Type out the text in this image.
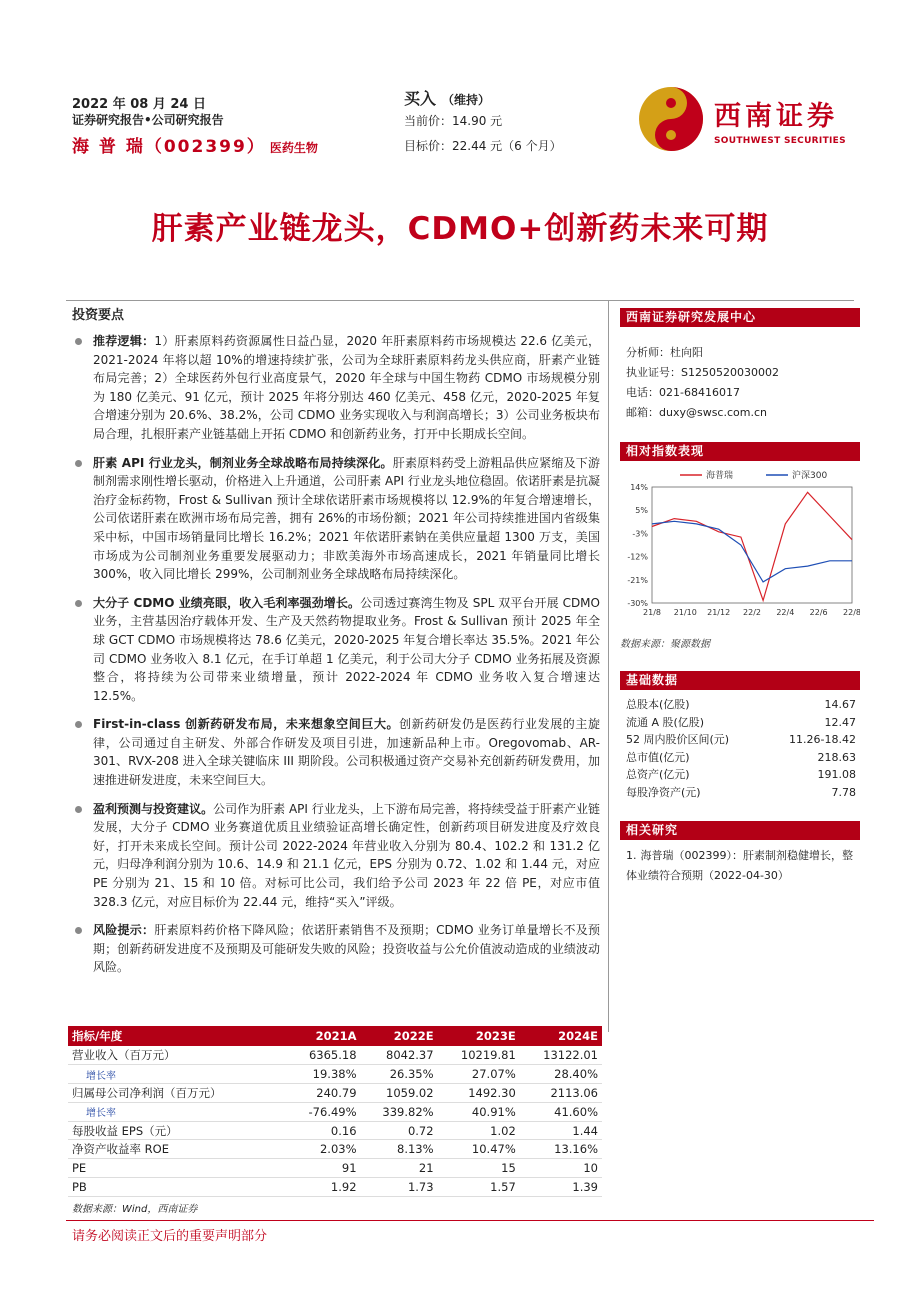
2022 年 08 月 24 日
证券研究报告•公司研究报告
海 普 瑞（002399） 医药生物
买入 （维持）
当前价：14.90 元
目标价：22.44 元（6 个月）
西南证券
SOUTHWEST SECURITIES
肝素产业链龙头，CDMO+创新药未来可期
投资要点
推荐逻辑：1）肝素原料药资源属性日益凸显，2020 年肝素原料药市场规模达 22.6 亿美元，2021-2024 年将以超 10%的增速持续扩张，公司为全球肝素原料药龙头供应商，肝素产业链布局完善；2）全球医药外包行业高度景气，2020 年全球与中国生物药 CDMO 市场规模分别为 180 亿美元、91 亿元，预计 2025 年将分别达 460 亿美元、458 亿元，2020-2025 年复合增速分别为 20.6%、38.2%，公司 CDMO 业务实现收入与利润高增长；3）公司业务板块布局合理，扎根肝素产业链基础上开拓 CDMO 和创新药业务，打开中长期成长空间。
肝素 API 行业龙头，制剂业务全球战略布局持续深化。肝素原料药受上游粗品供应紧缩及下游制剂需求刚性增长驱动，价格进入上升通道，公司肝素 API 行业龙头地位稳固。依诺肝素是抗凝治疗金标药物，Frost & Sullivan 预计全球依诺肝素市场规模将以 12.9%的年复合增速增长，公司依诺肝素在欧洲市场布局完善，拥有 26%的市场份额；2021 年公司持续推进国内省级集采中标，中国市场销量同比增长 16.2%；2021 年依诺肝素钠在美供应量超 1300 万支，美国市场成为公司制剂业务重要发展驱动力；非欧美海外市场高速成长，2021 年销量同比增长 300%，收入同比增长 299%，公司制剂业务全球战略布局持续深化。
大分子 CDMO 业绩亮眼，收入毛利率强劲增长。公司透过赛湾生物及 SPL 双平台开展 CDMO 业务，主营基因治疗载体开发、生产及天然药物提取业务。Frost & Sullivan 预计 2025 年全球 GCT CDMO 市场规模将达 78.6 亿美元，2020-2025 年复合增长率达 35.5%。2021 年公司 CDMO 业务收入 8.1 亿元，在手订单超 1 亿美元，利于公司大分子 CDMO 业务拓展及资源整合，将持续为公司带来业绩增量，预计 2022-2024 年 CDMO 业务收入复合增速达 12.5%。
First-in-class 创新药研发布局，未来想象空间巨大。创新药研发仍是医药行业发展的主旋律，公司通过自主研发、外部合作研发及项目引进，加速新品种上市。Oregovomab、AR-301、RVX-208 进入全球关键临床 III 期阶段。公司积极通过资产交易补充创新药研发费用，加速推进研发进度，未来空间巨大。
盈利预测与投资建议。公司作为肝素 API 行业龙头，上下游布局完善，将持续受益于肝素产业链发展，大分子 CDMO 业务赛道优质且业绩验证高增长确定性，创新药项目研发进度及疗效良好，打开未来成长空间。预计公司 2022-2024 年营业收入分别为 80.4、102.2 和 131.2 亿元，归母净利润分别为 10.6、14.9 和 21.1 亿元，EPS 分别为 0.72、1.02 和 1.44 元，对应 PE 分别为 21、15 和 10 倍。对标可比公司，我们给予公司 2023 年 22 倍 PE，对应市值 328.3 亿元，对应目标价为 22.44 元，维持“买入”评级。
风险提示：肝素原料药价格下降风险；依诺肝素销售不及预期；CDMO 业务订单量增长不及预期；创新药研发进度不及预期及可能研发失败的风险；投资收益与公允价值波动造成的业绩波动风险。
西南证券研究发展中心
分析师：杜向阳
执业证号：S1250520030002
电话：021-68416017
邮箱：duxy@swsc.com.cn
相对指数表现
14%
5%
-3%
-12%
-21%
-30%
21/8 21/10 21/12 22/2 22/4 22/6 22/8
海普瑞	沪深300
数据来源：聚源数据
基础数据
总股本(亿股)	14.67
流通 A 股(亿股)	12.47
52 周内股价区间(元)	11.26-18.42
总市值(亿元)	218.63
总资产(亿元)	191.08
每股净资产(元)	7.78
相关研究
1. 海普瑞（002399）：肝素制剂稳健增长，整体业绩符合预期（2022-04-30）
指标/年度	2021A	2022E	2023E	2024E
营业收入（百万元）	6365.18	8042.37	10219.81	13122.01
增长率	19.38%	26.35%	27.07%	28.40%
归属母公司净利润（百万元）	240.79	1059.02	1492.30	2113.06
增长率	-76.49%	339.82%	40.91%	41.60%
每股收益 EPS（元）	0.16	0.72	1.02	1.44
净资产收益率 ROE	2.03%	8.13%	10.47%	13.16%
PE	91	21	15	10
PB	1.92	1.73	1.57	1.39
数据来源：Wind，西南证券
请务必阅读正文后的重要声明部分
